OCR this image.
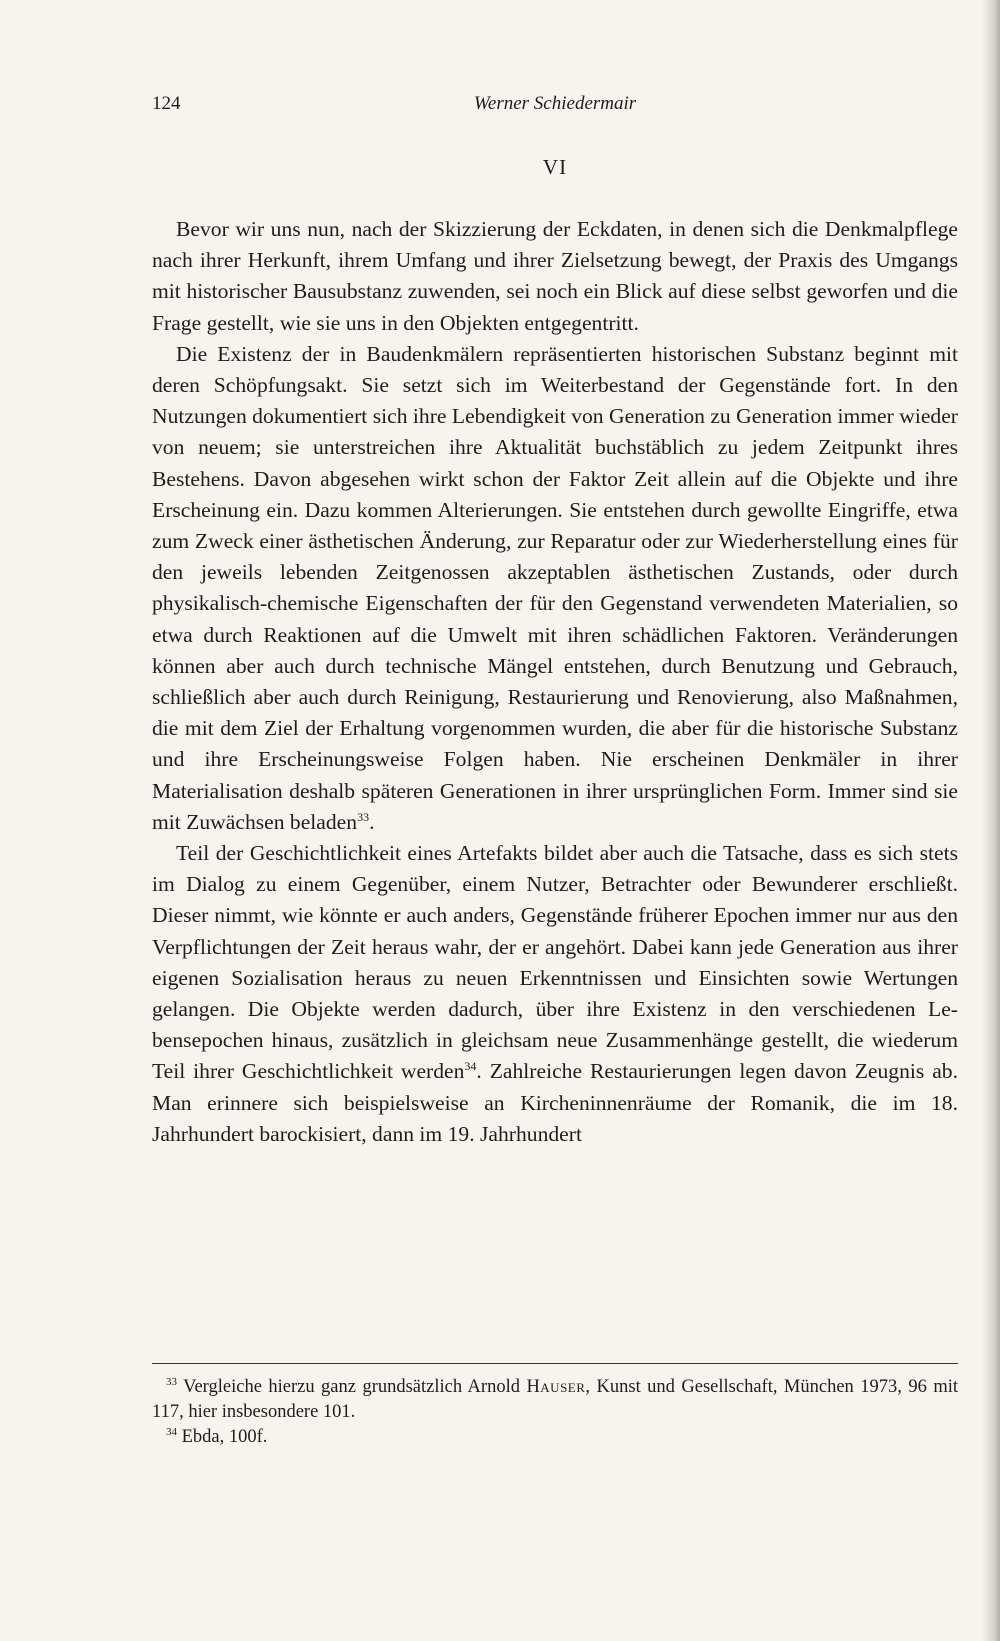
124	Werner Schiedermair
VI

Bevor wir uns nun, nach der Skizzierung der Eckdaten, in denen sich die Denkmalpflege nach ihrer Herkunft, ihrem Umfang und ihrer Zielsetzung bewegt, der Praxis des Umgangs mit historischer Bausubstanz zuwenden, sei noch ein Blick auf diese selbst geworfen und die Frage gestellt, wie sie uns in den Objekten entgegentritt.

Die Existenz der in Baudenkmälern repräsentierten historischen Substanz beginnt mit deren Schöpfungsakt. Sie setzt sich im Weiterbestand der Gegenstände fort. In den Nutzungen dokumentiert sich ihre Lebendigkeit von Generation zu Generation immer wieder von neuem; sie unterstreichen ihre Aktualität buchstäblich zu jedem Zeitpunkt ihres Bestehens. Davon abgesehen wirkt schon der Faktor Zeit allein auf die Objekte und ihre Erscheinung ein. Dazu kommen Alterierungen. Sie entstehen durch gewollte Eingriffe, etwa zum Zweck einer ästhetischen Änderung, zur Reparatur oder zur Wiederherstellung eines für den jeweils lebenden Zeitgenossen akzeptablen ästhetischen Zustands, oder durch physikalisch-chemische Eigenschaften der für den Gegenstand verwendeten Materialien, so etwa durch Reaktionen auf die Umwelt mit ihren schädlichen Faktoren. Veränderungen können aber auch durch technische Mängel entstehen, durch Benutzung und Gebrauch, schließlich aber auch durch Reinigung, Restaurierung und Renovierung, also Maßnahmen, die mit dem Ziel der Erhaltung vorgenommen wurden, die aber für die historische Substanz und ihre Erscheinungsweise Folgen haben. Nie erscheinen Denkmäler in ihrer Materialisation deshalb späteren Generationen in ihrer ursprünglichen Form. Immer sind sie mit Zuwächsen beladen$^{33}$.

Teil der Geschichtlichkeit eines Artefakts bildet aber auch die Tatsache, dass es sich stets im Dialog zu einem Gegenüber, einem Nutzer, Betrachter oder Bewunderer erschließt. Dieser nimmt, wie könnte er auch anders, Gegenstände früherer Epochen immer nur aus den Verpflichtungen der Zeit heraus wahr, der er angehört. Dabei kann jede Generation aus ihrer eigenen Sozialisation heraus zu neuen Erkenntnissen und Einsichten sowie Wertungen gelangen. Die Objekte werden dadurch, über ihre Existenz in den verschiedenen Lebensepochen hinaus, zusätzlich in gleichsam neue Zusammenhänge gestellt, die wiederum Teil ihrer Geschichtlichkeit werden$^{34}$. Zahlreiche Restaurierungen legen davon Zeugnis ab. Man erinnere sich beispielsweise an Kircheninnenräume der Romanik, die im 18. Jahrhundert barockisiert, dann im 19. Jahrhundert

$^{33}$ Vergleiche hierzu ganz grundsätzlich Arnold Hauser, Kunst und Gesellschaft, München 1973, 96 mit 117, hier insbesondere 101.

$^{34}$ Ebda, 100f.
